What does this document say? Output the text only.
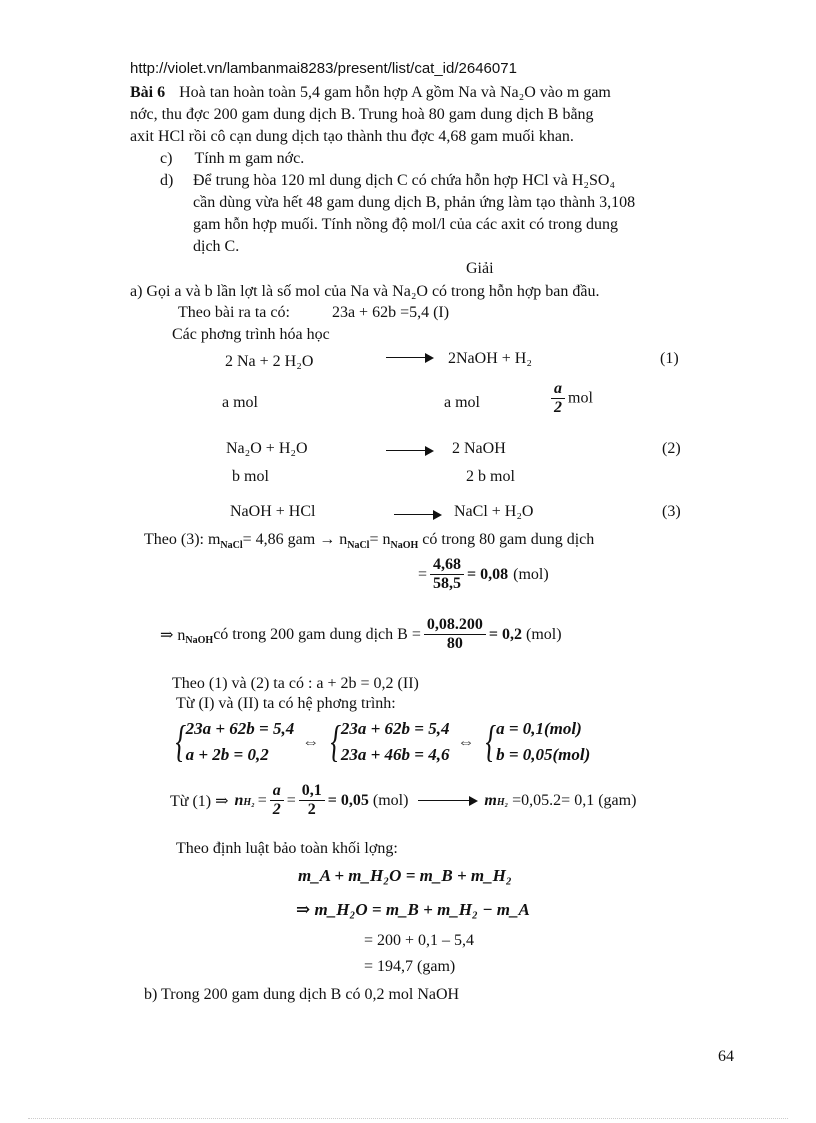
http://violet.vn/lambanmai8283/present/list/cat_id/2646071
Bài 6 Hoà tan hoàn toàn 5,4 gam hỗn hợp A gồm Na và Na₂O vào m gam
nớc, thu đợc 200 gam dung dịch B. Trung hoà 80 gam dung dịch B bằng
axit HCl rồi cô cạn dung dịch tạo thành thu đợc 4,68 gam muối khan.
c) Tính m gam nớc.
d) Để trung hòa 120 ml dung dịch C có chứa hỗn hợp HCl và H₂SO₄
cần dùng vừa hết 48 gam dung dịch B, phản ứng làm tạo thành 3,108
gam hỗn hợp muối. Tính nồng độ mol/l của các axit có trong dung
dịch C.
Giải
a) Gọi a và b lần lợt là số mol của Na và Na₂O có trong hỗn hợp ban đầu.
Theo bài ra ta có:	23a + 62b =5,4 (I)
Các phơng trình hóa học
2 Na + 2 H₂O	2NaOH + H₂	(1)
a mol	a mol	$\frac{a}{2}$ mol
Na₂O + H₂O	2 NaOH	(2)
b mol	2 b mol
NaOH + HCl	NaCl + H₂O	(3)
Theo (3): $m_{NaCl}= 4,86$ gam → $n_{NaCl}= n_{NaOH}$ có trong 80 gam dung dịch
= $\frac{4,68}{58,5} = 0,08$ (mol)
⇒ $n_{NaOH}$ có trong 200 gam dung dịch $B = \frac{0,08.200}{80} = 0,2$ (mol)
Theo (1) và (2) ta có : a + 2b = 0,2 (II)
Từ (I) và (II) ta có hệ phơng trình:
{ 23a + 62b = 5,4
a + 2b = 0,2
⇔ { 23a + 62b = 5,4
23a + 46b = 4,6
⇔ { a = 0,1(mol)
b = 0,05(mol)
Từ (1) ⇒ n $H_2 = \frac{a}{2} = \frac{0,1}{2} = 0,05$ (mol)	m H₂ =0,05.2= 0,1 (gam)
Theo định luật bảo toàn khối lợng:
m_A + m_H₂O = m_B + m_H₂
⇒ m_H₂O = m_B + m_H₂ − m_A
= 200 + 0,1 – 5,4
= 194,7 (gam)
b) Trong 200 gam dung dịch B có 0,2 mol NaOH
64
